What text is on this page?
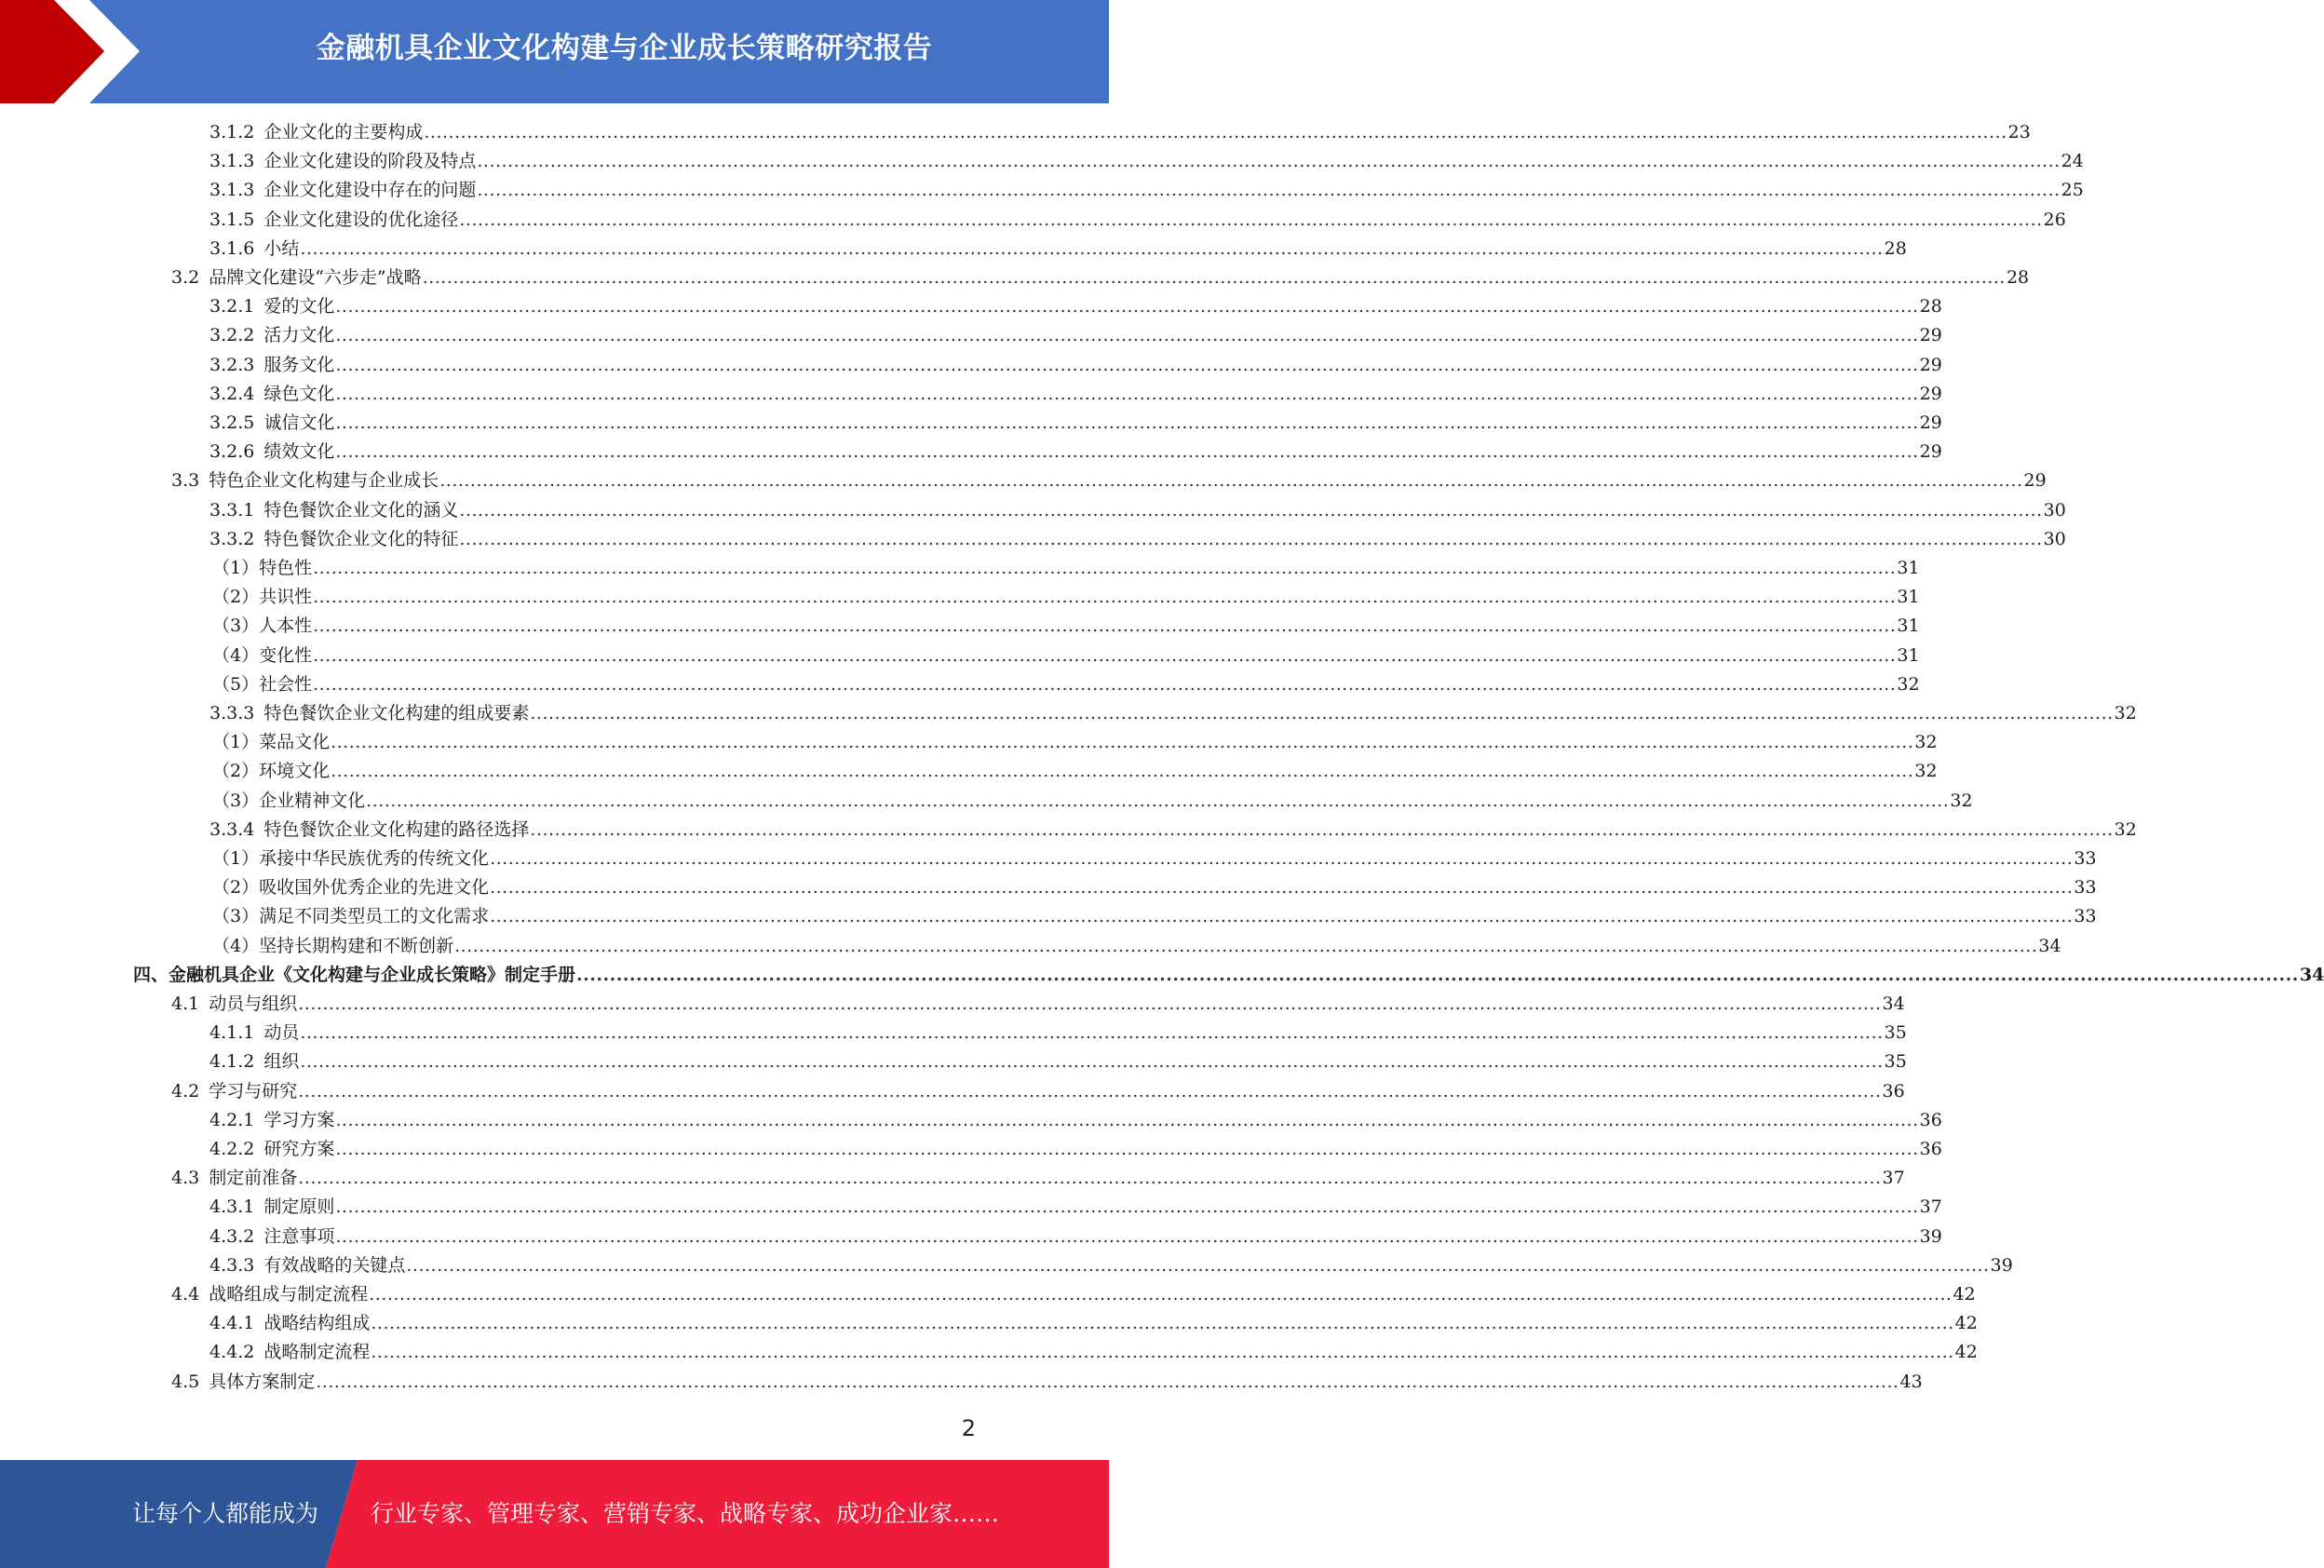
金融机具企业文化构建与企业成长策略研究报告
3.1.2 企业文化的主要构成 .................................................................................................................................................................................................................................................................... 23
3.1.3 企业文化建设的阶段及特点 .................................................................................................................................................................................................................................................................... 24
3.1.3 企业文化建设中存在的问题 .................................................................................................................................................................................................................................................................... 25
3.1.5 企业文化建设的优化途径 .................................................................................................................................................................................................................................................................... 26
3.1.6 小结 .................................................................................................................................................................................................................................................................... 28
3.2 品牌文化建设“六步走”战略 .................................................................................................................................................................................................................................................................... 28
3.2.1 爱的文化 .................................................................................................................................................................................................................................................................... 28
3.2.2 活力文化 .................................................................................................................................................................................................................................................................... 29
3.2.3 服务文化 .................................................................................................................................................................................................................................................................... 29
3.2.4 绿色文化 .................................................................................................................................................................................................................................................................... 29
3.2.5 诚信文化 .................................................................................................................................................................................................................................................................... 29
3.2.6 绩效文化 .................................................................................................................................................................................................................................................................... 29
3.3 特色企业文化构建与企业成长 .................................................................................................................................................................................................................................................................... 29
3.3.1 特色餐饮企业文化的涵义 .................................................................................................................................................................................................................................................................... 30
3.3.2 特色餐饮企业文化的特征 .................................................................................................................................................................................................................................................................... 30
（1）特色性 .................................................................................................................................................................................................................................................................... 31
（2）共识性 .................................................................................................................................................................................................................................................................... 31
（3）人本性 .................................................................................................................................................................................................................................................................... 31
（4）变化性 .................................................................................................................................................................................................................................................................... 31
（5）社会性 .................................................................................................................................................................................................................................................................... 32
3.3.3 特色餐饮企业文化构建的组成要素 .................................................................................................................................................................................................................................................................... 32
（1）菜品文化 .................................................................................................................................................................................................................................................................... 32
（2）环境文化 .................................................................................................................................................................................................................................................................... 32
（3）企业精神文化 .................................................................................................................................................................................................................................................................... 32
3.3.4 特色餐饮企业文化构建的路径选择 .................................................................................................................................................................................................................................................................... 32
（1）承接中华民族优秀的传统文化 .................................................................................................................................................................................................................................................................... 33
（2）吸收国外优秀企业的先进文化 .................................................................................................................................................................................................................................................................... 33
（3）满足不同类型员工的文化需求 .................................................................................................................................................................................................................................................................... 33
（4）坚持长期构建和不断创新 .................................................................................................................................................................................................................................................................... 34
四、金融机具企业《文化构建与企业成长策略》制定手册 .................................................................................................................................................................................................................................................................... 34
4.1 动员与组织 .................................................................................................................................................................................................................................................................... 34
4.1.1 动员 .................................................................................................................................................................................................................................................................... 35
4.1.2 组织 .................................................................................................................................................................................................................................................................... 35
4.2 学习与研究 .................................................................................................................................................................................................................................................................... 36
4.2.1 学习方案 .................................................................................................................................................................................................................................................................... 36
4.2.2 研究方案 .................................................................................................................................................................................................................................................................... 36
4.3 制定前准备 .................................................................................................................................................................................................................................................................... 37
4.3.1 制定原则 .................................................................................................................................................................................................................................................................... 37
4.3.2 注意事项 .................................................................................................................................................................................................................................................................... 39
4.3.3 有效战略的关键点 .................................................................................................................................................................................................................................................................... 39
4.4 战略组成与制定流程 .................................................................................................................................................................................................................................................................... 42
4.4.1 战略结构组成 .................................................................................................................................................................................................................................................................... 42
4.4.2 战略制定流程 .................................................................................................................................................................................................................................................................... 42
4.5 具体方案制定 .................................................................................................................................................................................................................................................................... 43
2
让每个人都能成为 行业专家、管理专家、营销专家、战略专家、成功企业家……
